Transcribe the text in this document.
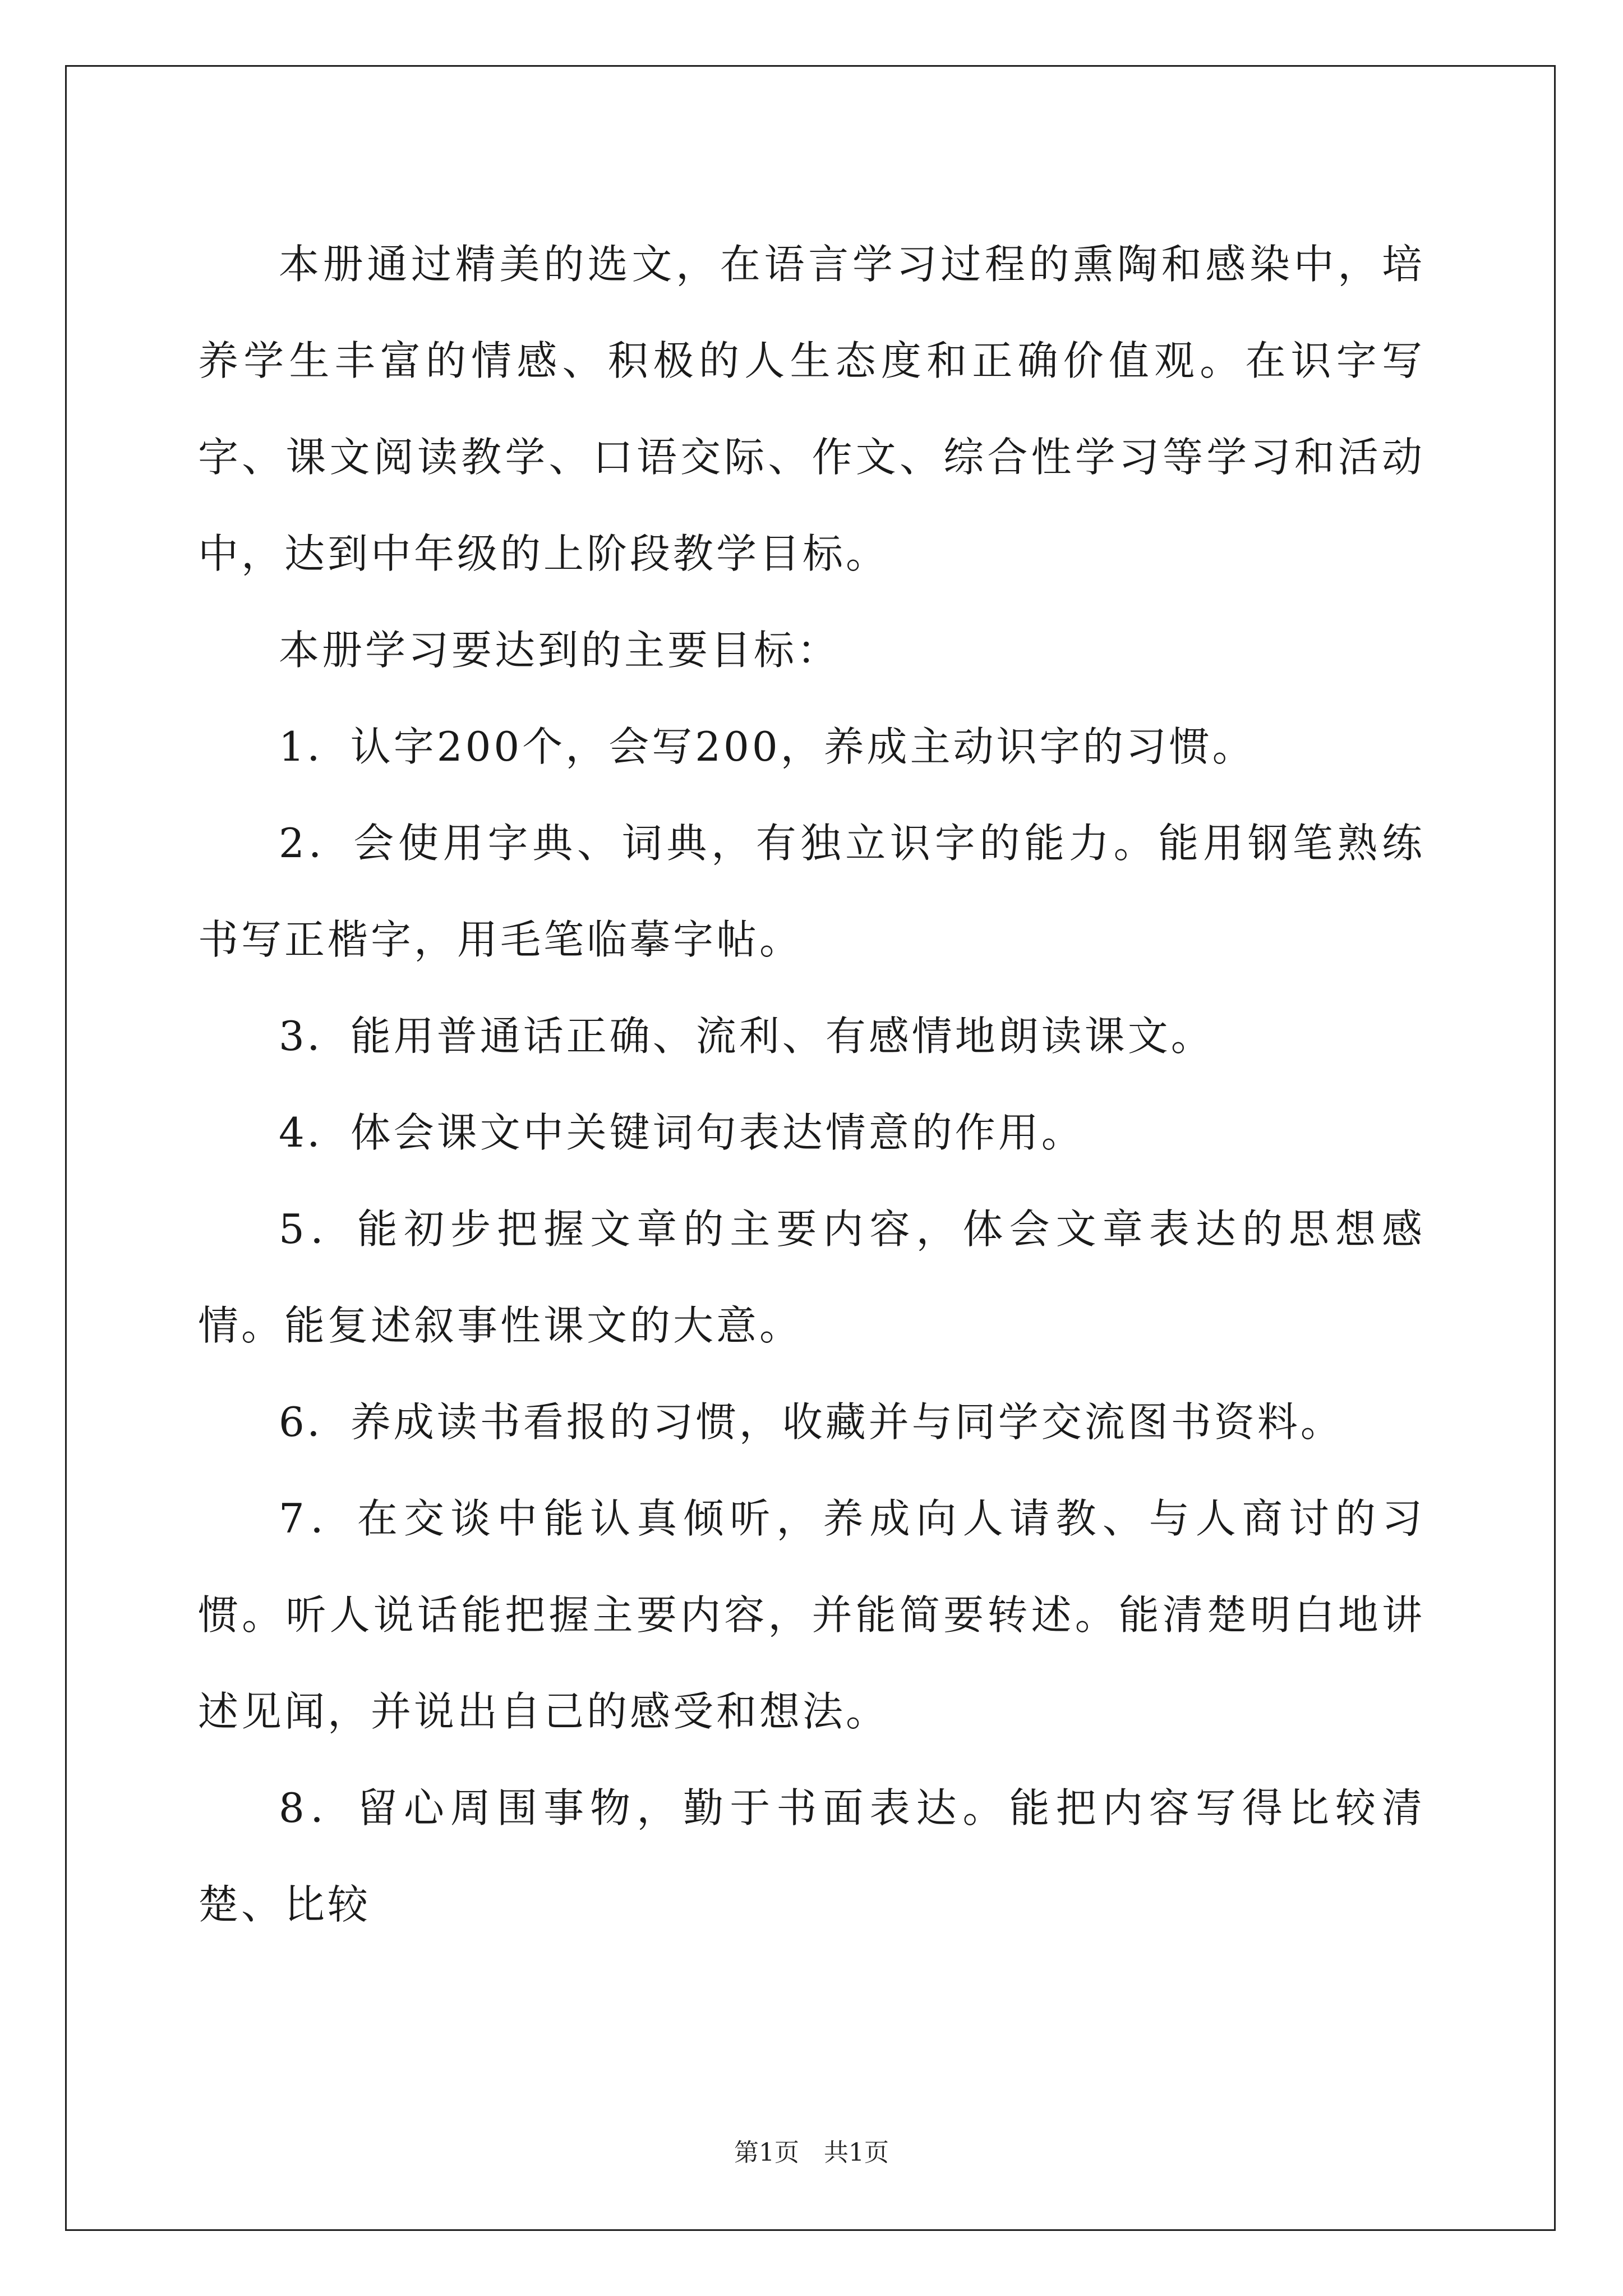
本册通过精美的选文，在语言学习过程的熏陶和感染中，培养学生丰富的情感、积极的人生态度和正确价值观。在识字写字、课文阅读教学、口语交际、作文、综合性学习等学习和活动中，达到中年级的上阶段教学目标。

本册学习要达到的主要目标：

1．认字200个，会写200，养成主动识字的习惯。

2．会使用字典、词典，有独立识字的能力。能用钢笔熟练书写正楷字，用毛笔临摹字帖。

3．能用普通话正确、流利、有感情地朗读课文。

4．体会课文中关键词句表达情意的作用。

5．能初步把握文章的主要内容，体会文章表达的思想感情。能复述叙事性课文的大意。

6．养成读书看报的习惯，收藏并与同学交流图书资料。

7．在交谈中能认真倾听，养成向人请教、与人商讨的习惯。听人说话能把握主要内容，并能简要转述。能清楚明白地讲述见闻，并说出自己的感受和想法。

8．留心周围事物，勤于书面表达。能把内容写得比较清楚、比较

第1页　共1页
